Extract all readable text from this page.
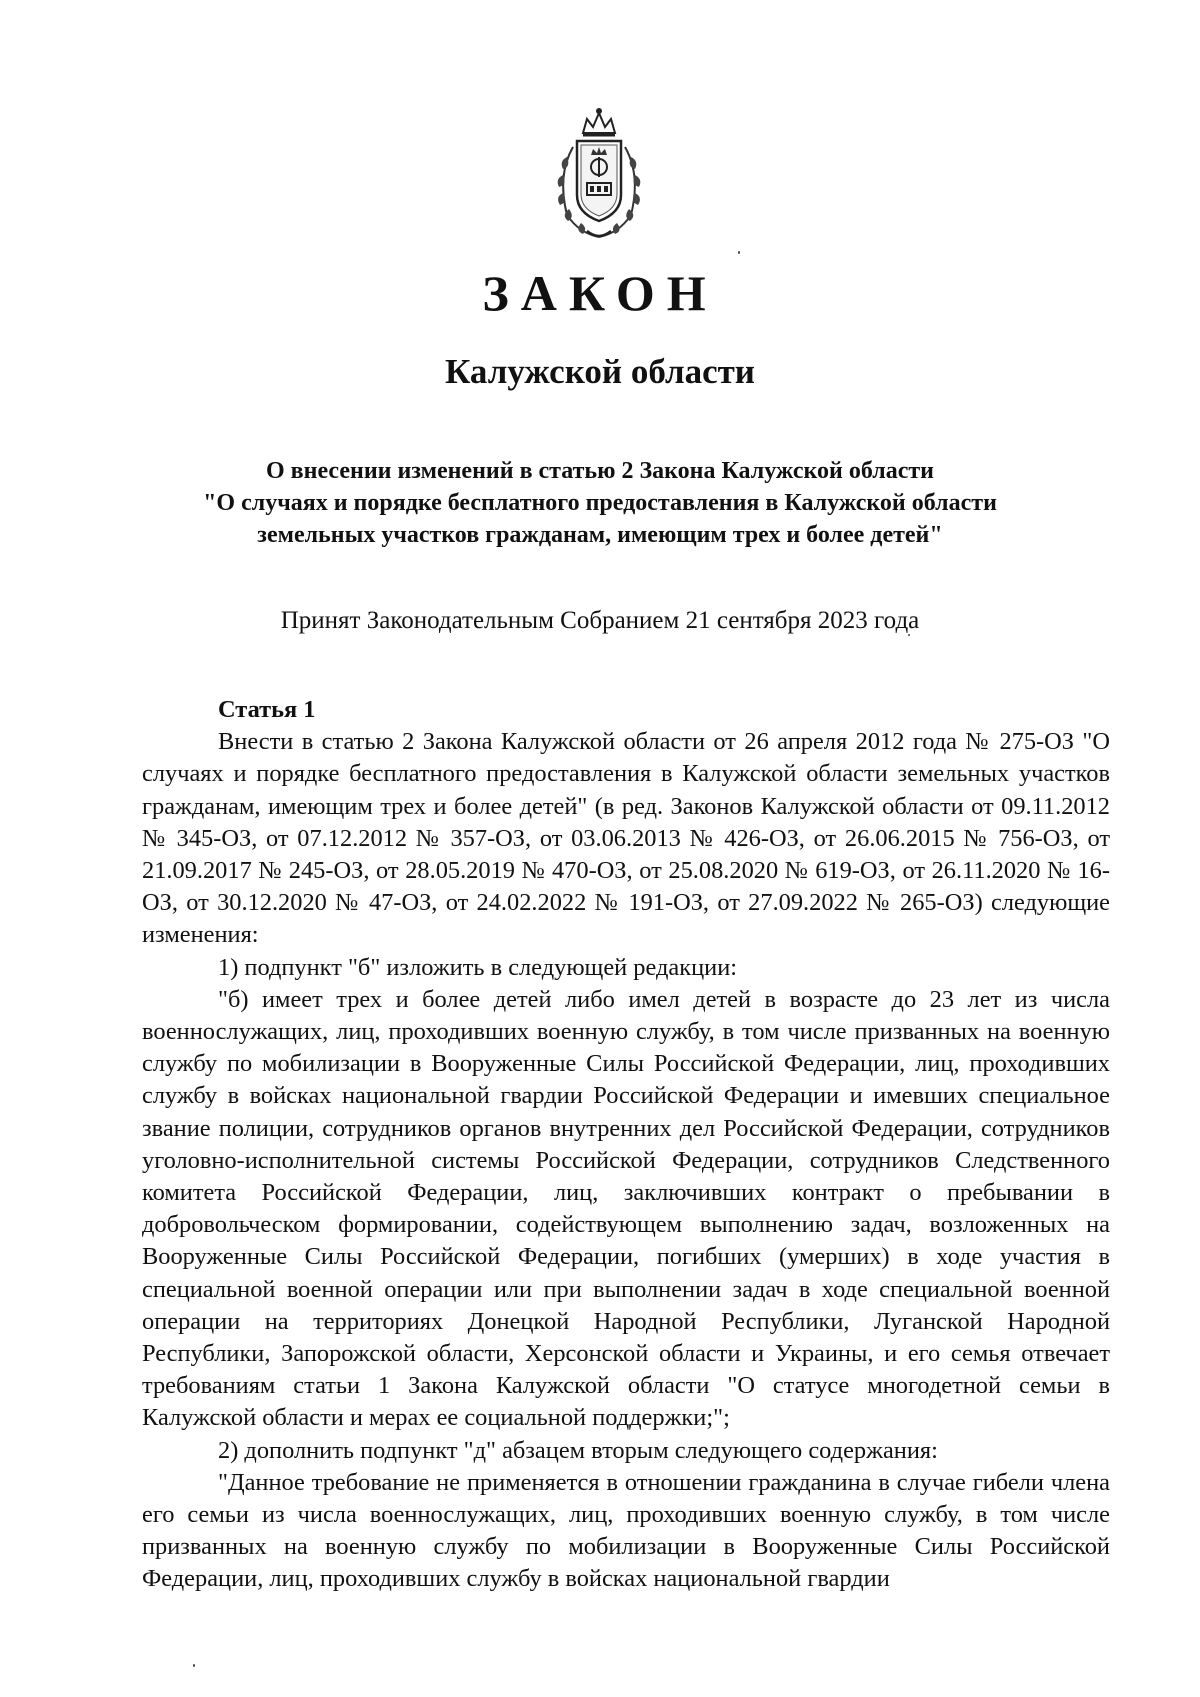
ЗАКОН
Калужской области
О внесении изменений в статью 2 Закона Калужской области
"О случаях и порядке бесплатного предоставления в Калужской области
земельных участков гражданам, имеющим трех и более детей"
Принят Законодательным Собранием 21 сентября 2023 года
Статья 1

Внести в статью 2 Закона Калужской области от 26 апреля 2012 года № 275-ОЗ "О случаях и порядке бесплатного предоставления в Калужской области земельных участков гражданам, имеющим трех и более детей" (в ред. Законов Калужской области от 09.11.2012 № 345-ОЗ, от 07.12.2012 № 357-ОЗ, от 03.06.2013 № 426-ОЗ, от 26.06.2015 № 756-ОЗ, от 21.09.2017 № 245-ОЗ, от 28.05.2019 № 470-ОЗ, от 25.08.2020 № 619-ОЗ, от 26.11.2020 № 16-ОЗ, от 30.12.2020 № 47-ОЗ, от 24.02.2022 № 191-ОЗ, от 27.09.2022 № 265-ОЗ) следующие изменения:

1) подпункт "б" изложить в следующей редакции:

"б) имеет трех и более детей либо имел детей в возрасте до 23 лет из числа военнослужащих, лиц, проходивших военную службу, в том числе призванных на военную службу по мобилизации в Вооруженные Силы Российской Федерации, лиц, проходивших службу в войсках национальной гвардии Российской Федерации и имевших специальное звание полиции, сотрудников органов внутренних дел Российской Федерации, сотрудников уголовно-исполнительной системы Российской Федерации, сотрудников Следственного комитета Российской Федерации, лиц, заключивших контракт о пребывании в добровольческом формировании, содействующем выполнению задач, возложенных на Вооруженные Силы Российской Федерации, погибших (умерших) в ходе участия в специальной военной операции или при выполнении задач в ходе специальной военной операции на территориях Донецкой Народной Республики, Луганской Народной Республики, Запорожской области, Херсонской области и Украины, и его семья отвечает требованиям статьи 1 Закона Калужской области "О статусе многодетной семьи в Калужской области и мерах ее социальной поддержки;";

2) дополнить подпункт "д" абзацем вторым следующего содержания:

"Данное требование не применяется в отношении гражданина в случае гибели члена его семьи из числа военнослужащих, лиц, проходивших военную службу, в том числе призванных на военную службу по мобилизации в Вооруженные Силы Российской Федерации, лиц, проходивших службу в войсках национальной гвардии
